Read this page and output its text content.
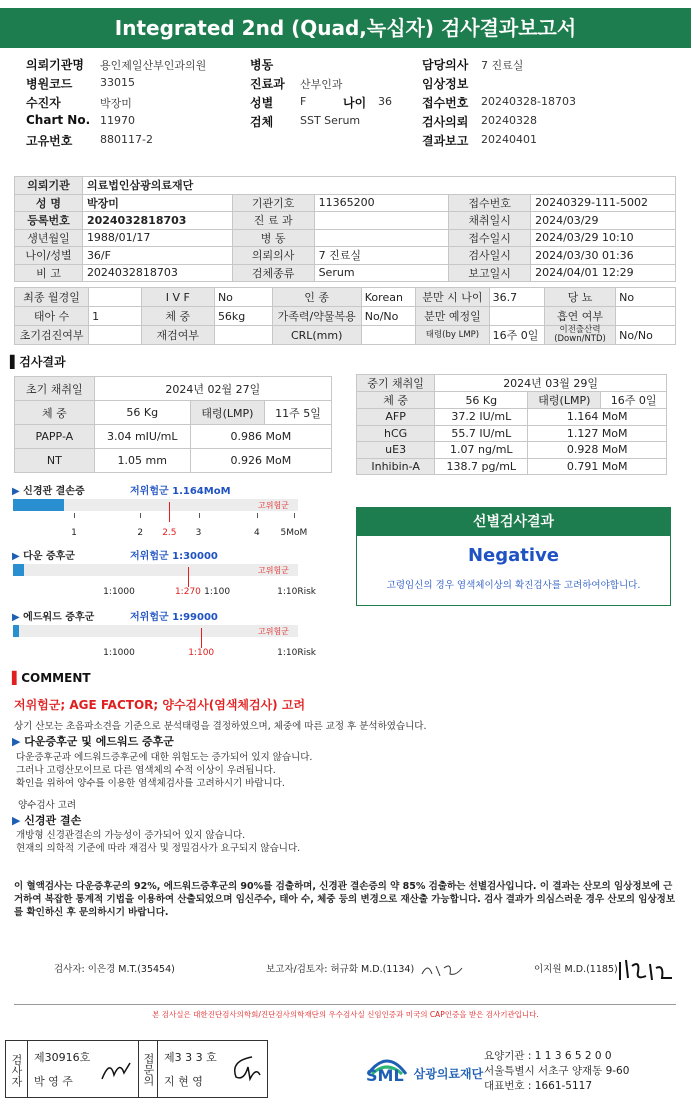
Integrated 2nd (Quad,녹십자) 검사결과보고서
의뢰기관명 용인제일산부인과의원
병원코드	33015
수진자	박장미
Chart No. 11970
고유번호	880117-2
병동
진료과 산부인과
성별 F
검체 SST Serum
나이 36
담당의사 7 진료실
임상정보
접수번호 20240328-18703
검사의뢰 20240328
결과보고 20240401
의뢰기관	의료법인삼광의료재단				
성 명	박장미	기관기호	11365200	접수번호	20240329-111-5002
등록번호	2024032818703	진 료 과		채취일시	2024/03/29
생년월일	1988/01/17	병 동		접수일시	2024/03/29 10:10
나이/성별	36/F	의뢰의사	7 진료실	검사일시	2024/03/30 01:36
비 고	2024032818703	검체종류	Serum	보고일시	2024/04/01 12:29
최종 월경일		I V F	No	인 종	Korean	분만 시 나이	36.7	당 뇨	No
태아 수	1	체 중	56kg	가족력/약물복용	No/No	분만 예정일		흡연 여부	
초기검진여부		재검여부		CRL(mm)		태령(by LMP)	16주 0일	이전출산력 (Down/NTD)	No/No
▌검사결과
초기 채취일	2024년 02월 27일		
체 중	56 Kg	태령(LMP)	11주 5일
PAPP-A	3.04 mIU/mL	0.986 MoM	
NT	1.05 mm	0.926 MoM	
중기 채취일	2024년 03월 29일		
체 중	56 Kg	태령(LMP)	16주 0일
AFP	37.2 IU/mL	1.164 MoM	
hCG	55.7 IU/mL	1.127 MoM	
uE3	1.07 ng/mL	0.928 MoM	
Inhibin-A	138.7 pg/mL	0.791 MoM	
▶ 신경관 결손증	저위험군 1.164MoM
고위험군
1	2 2.5 3	4 5MoM
▶ 다운 증후군	저위험군 1:30000
고위험군
1:1000	1:270 1:100	1:10Risk
▶ 에드워드 증후군	저위험군 1:99000
고위험군
1:1000	1:100	1:10Risk
선별검사결과
Negative
고령임신의 경우 염색체이상의 확진검사를 고려하여야합니다.
▌COMMENT
저위험군; AGE FACTOR; 양수검사(염색체검사) 고려
상기 산모는 초음파소견을 기준으로 분석태령을 결정하였으며, 체중에 따른 교정 후 분석하였습니다.
▶ 다운증후군 및 에드워드 증후군
다운증후군과 에드워드증후군에 대한 위험도는 증가되어 있지 않습니다.
그러나 고령산모이므로 다른 염색체의 수적 이상이 우려됩니다.
확인을 위하여 양수를 이용한 염색체검사를 고려하시기 바랍니다.
양수검사 고려
▶ 신경관 결손
개방형 신경관결손의 가능성이 증가되어 있지 않습니다.
현재의 의학적 기준에 따라 재검사 및 정밀검사가 요구되지 않습니다.
이 혈액검사는 다운증후군의 92%, 에드워드증후군의 90%를 검출하며, 신경관 결손증의 약 85% 검출하는 선별검사입니다. 이 결과는 산모의 임상정보에 근거하여 복잡한 통계적 기법을 이용하여 산출되었으며 임신주수, 태아 수, 체중 등의 변경으로 재산출 가능합니다. 검사 결과가 의심스러운 경우 산모의 임상정보를 확인하신 후 문의하시기 바랍니다.
검사자: 이은경 M.T.(35454)	보고자/검토자: 허규화 M.D.(1134)	이지원 M.D.(1185)
본 검사실은 대한진단검사의학회/진단검사의학재단의 우수검사실 신임인증과 미국의 CAP인증을 받은 검사기관입니다.
검사자	제30916호
박 영 주	접문의 제3 3 3 호
지 현 영	SML 삼광의료재단
요양기관 : 1 1 3 6 5 2 0 0
서울특별시 서초구 양재동 9-60
대표번호 : 1661-5117
